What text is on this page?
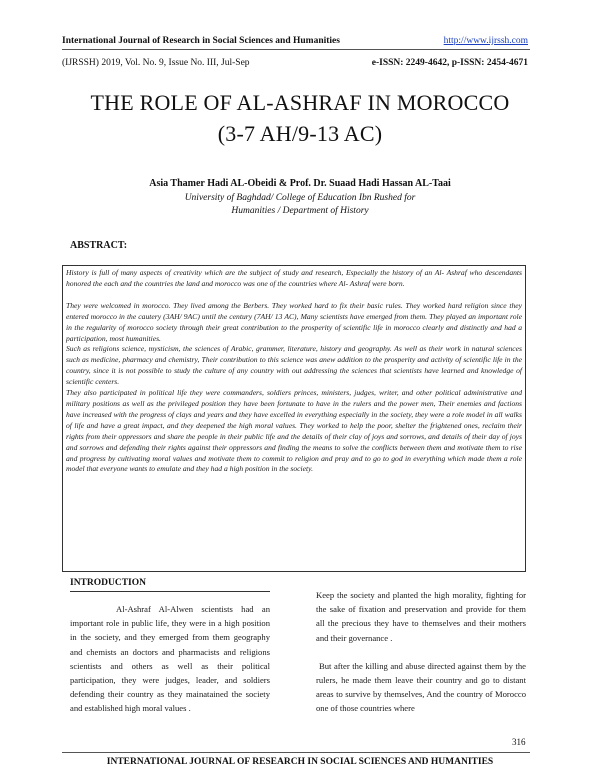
International Journal of Research in Social Sciences and Humanities	http://www.ijrssh.com
(IJRSSH) 2019, Vol. No. 9, Issue No. III, Jul-Sep	e-ISSN: 2249-4642, p-ISSN: 2454-4671
THE ROLE OF AL-ASHRAF IN MOROCCO
(3-7 AH/9-13 AC)
Asia Thamer Hadi AL-Obeidi & Prof. Dr. Suaad Hadi Hassan AL-Taai
University of Baghdad/ College of Education Ibn Rushed for
Humanities / Department of History
ABSTRACT:

History is full of many aspects of creativity which are the subject of study and research, Especially the history of an Al- Ashraf who descendants honored the each and the countries the land and morocco was one of the countries where Al- Ashraf were born.

They were welcomed in morocco. They lived among the Berbers. They worked hard to fix their basic rules. They worked hard religion since they entered morocco in the cautery (3AH/ 9AC) until the century (7AH/ 13 AC), Many scientists have emerged from them. They played an important role in the regularity of morocco society through their great contribution to the prosperity of scientific life in morocco clearly and distinctly and had a participation, most humanities.

Such as religions science, mysticism, the sciences of Arabic, grammer, literature, history and geography. As well as their work in natural sciences such as medicine, pharmacy and chemistry, Their contribution to this science was anew addition to the prosperity and activity of scientific life in the country, since it is not possible to study the culture of any country with out addressing the sciences that scientists have learned and knowledge of scientific centers.

They also participated in political life they were commanders, soldiers princes, ministers, judges, writer, and other political administrative and military positions as well as the privileged position they have been fortunate to have in the rulers and the power men, Their enemies and factions have increased with the progress of clays and years and they have excelled in everything especially in the society, they were a role model in all walks of life and have a great impact, and they deepened the high moral values. They worked to help the poor, shelter the frightened ones, reclaim their rights from their oppressors and share the people in their public life and the details of their clay of joys and sorrows, and details of their day of joys and sorrows and defending their rights against their oppressors and finding the means to solve the conflicts between them and motivate them to rise and progress by cultivating moral values and motivate them to commit to religion and pray and to go to god in everything which made them a role model that everyone wants to emulate and they had a high position in the society.

INTRODUCTION

Al-Ashraf Al-Alwen scientists had an important role in public life, they were in a high position in the society, and they emerged from them geography and chemists an doctors and pharmacists and religions scientists and others as well as their political participation, they were judges, leader, and soldiers defending their country as they mainatained the society and established high moral values .

Keep the society and planted the high morality, fighting for the sake of fixation and preservation and provide for them all the precious they have to themselves and their mothers and their governance .

But after the killing and abuse directed against them by the rulers, he made them leave their country and go to distant areas to survive by themselves, And the country of Morocco one of those countries where

316
INTERNATIONAL JOURNAL OF RESEARCH IN SOCIAL SCIENCES AND HUMANITIES
